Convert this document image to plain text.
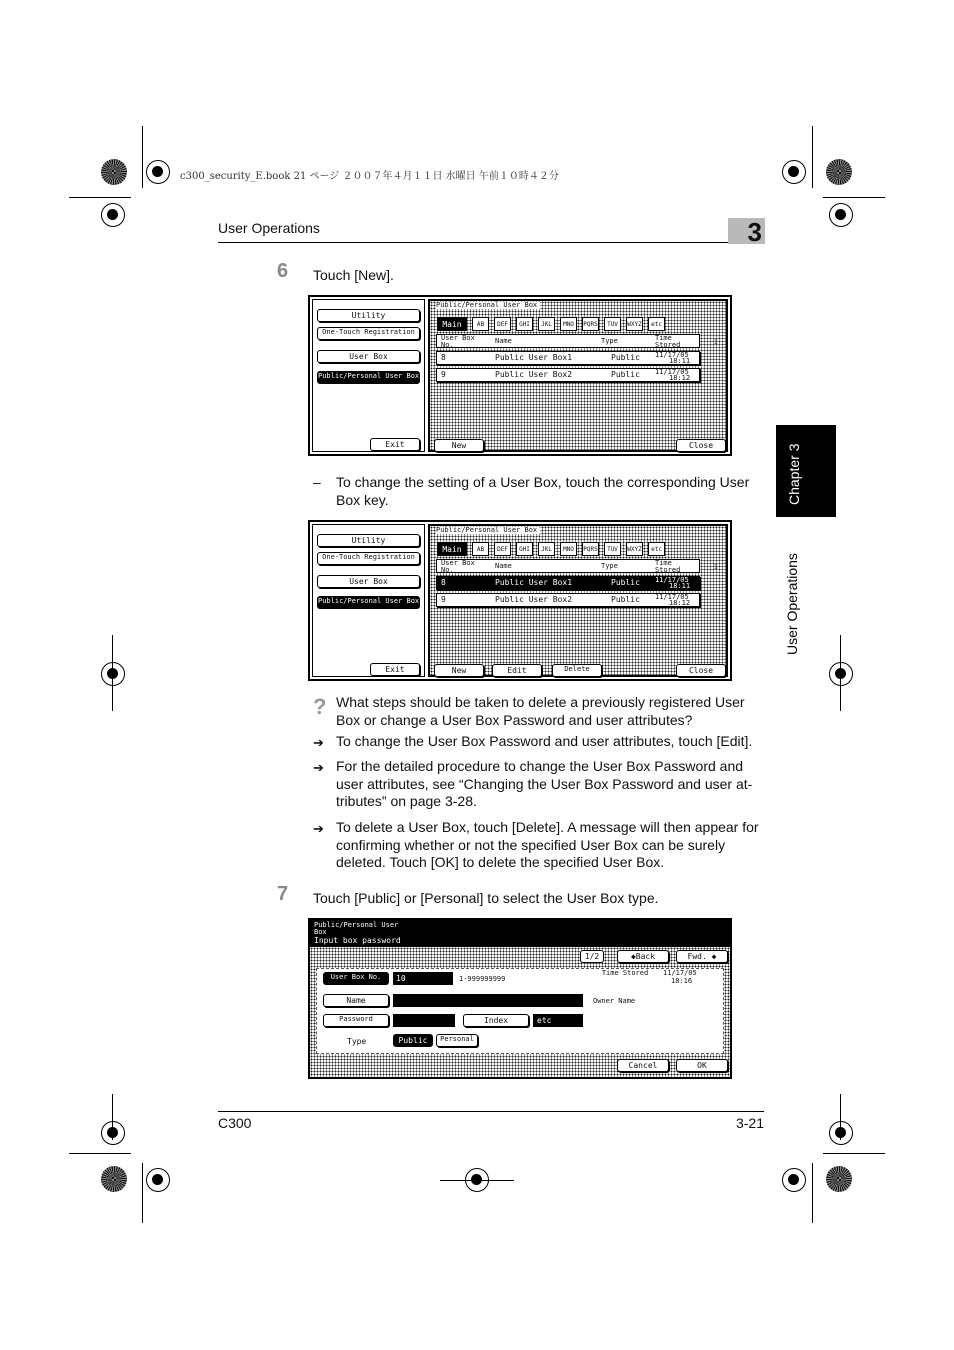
c300_security_E.book 21 ページ ２００７年４月１１日 水曜日 午前１０時４２分
User Operations	3
Chapter 3
User Operations
6 Touch [New].
Utility
One-Touch Registration
User Box
Public/Personal User Box
Exit
Public/Personal User Box
Main	AB	DEF	GHI	JKL	MNO	PQRS	TUV	WXYZ	etc
User Box No.	Name	Type	Time Stored
8	Public User Box1	Public 11/17/05
18:11
9	Public User Box2	Public 11/17/05
18:12
1
New	Close
– To change the setting of a User Box, touch the corresponding User Box key.
Utility
One-Touch Registration
User Box
Public/Personal User Box
Exit
Public/Personal User Box
Main	AB	DEF	GHI	JKL	MNO	PQRS	TUV	WXYZ	etc
User Box No.	Name	Type	Time Stored
8	Public User Box1	Public 11/17/05
18:11
9	Public User Box2	Public 11/17/05
18:12
1
New	Edit	Delete	Close
? What steps should be taken to delete a previously registered User Box or change a User Box Password and user attributes?
➔ To change the User Box Password and user attributes, touch [Edit].
➔ For the detailed procedure to change the User Box Password and user attributes, see “Changing the User Box Password and user at-tributes” on page 3-28.
➔ To delete a User Box, touch [Delete]. A message will then appear for confirming whether or not the specified User Box can be surely deleted. Touch [OK] to delete the specified User Box.
7 Touch [Public] or [Personal] to select the User Box type.
Public/Personal User Box
Input box password
1/2	◆Back	Fwd. ◆
User Box No.	10	1-999999999
Time Stored	11/17/05
18:16
Name	Owner Name
Password	Index	etc
Type	Public	Personal
Cancel	OK
C300	3-21
